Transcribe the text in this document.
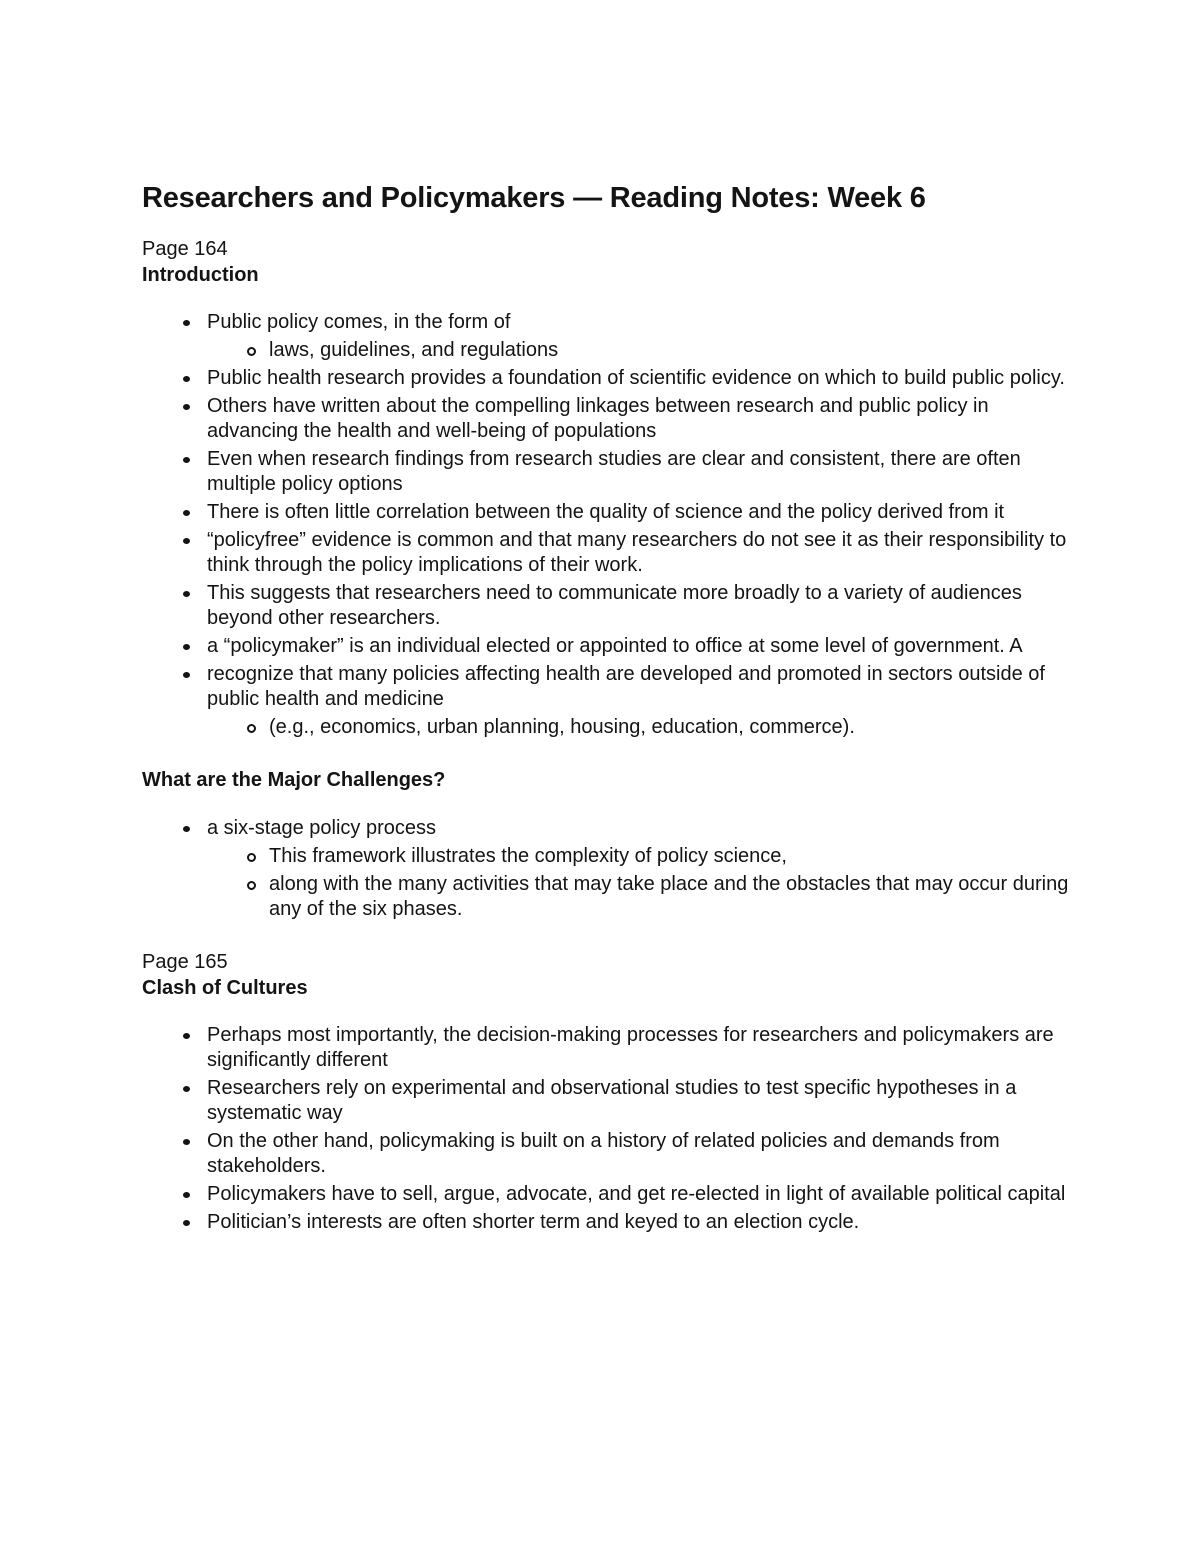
Researchers and Policymakers — Reading Notes: Week 6

Page 164

Introduction

Public policy comes, in the form of
laws, guidelines, and regulations
Public health research provides a foundation of scientific evidence on which to build public policy.
Others have written about the compelling linkages between research and public policy in advancing the health and well-being of populations
Even when research findings from research studies are clear and consistent, there are often multiple policy options
There is often little correlation between the quality of science and the policy derived from it
“policyfree” evidence is common and that many researchers do not see it as their responsibility to think through the policy implications of their work.
This suggests that researchers need to communicate more broadly to a variety of audiences beyond other researchers.
a “policymaker” is an individual elected or appointed to office at some level of government. A
recognize that many policies affecting health are developed and promoted in sectors outside of public health and medicine
(e.g., economics, urban planning, housing, education, commerce).

What are the Major Challenges?

a six-stage policy process
This framework illustrates the complexity of policy science,
along with the many activities that may take place and the obstacles that may occur during any of the six phases.

Page 165

Clash of Cultures

Perhaps most importantly, the decision-making processes for researchers and policymakers are significantly different
Researchers rely on experimental and observational studies to test specific hypotheses in a systematic way
On the other hand, policymaking is built on a history of related policies and demands from stakeholders.
Policymakers have to sell, argue, advocate, and get re-elected in light of available political capital
Politician’s interests are often shorter term and keyed to an election cycle.
